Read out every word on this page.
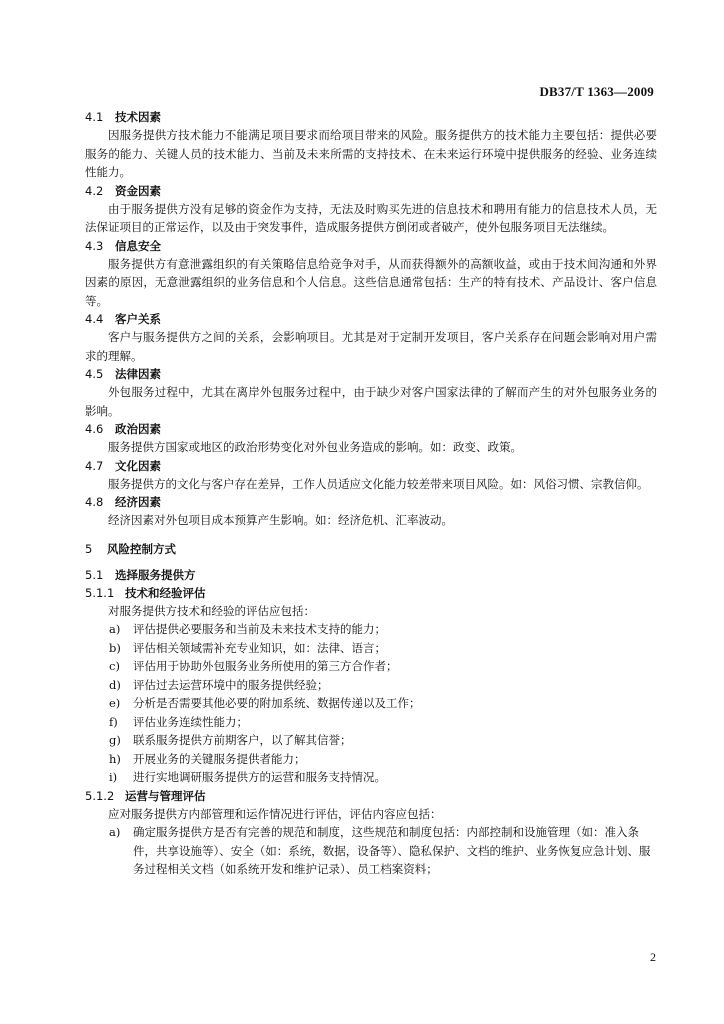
DB37/T 1363—2009
4.1 技术因素
因服务提供方技术能力不能满足项目要求而给项目带来的风险。服务提供方的技术能力主要包括：提供必要服务的能力、关键人员的技术能力、当前及未来所需的支持技术、在未来运行环境中提供服务的经验、业务连续性能力。
4.2 资金因素
由于服务提供方没有足够的资金作为支持，无法及时购买先进的信息技术和聘用有能力的信息技术人员，无法保证项目的正常运作，以及由于突发事件，造成服务提供方倒闭或者破产，使外包服务项目无法继续。
4.3 信息安全
服务提供方有意泄露组织的有关策略信息给竞争对手，从而获得额外的高额收益，或由于技术间沟通和外界因素的原因，无意泄露组织的业务信息和个人信息。这些信息通常包括：生产的特有技术、产品设计、客户信息等。
4.4 客户关系
客户与服务提供方之间的关系，会影响项目。尤其是对于定制开发项目，客户关系存在问题会影响对用户需求的理解。
4.5 法律因素
外包服务过程中，尤其在离岸外包服务过程中，由于缺少对客户国家法律的了解而产生的对外包服务业务的影响。
4.6 政治因素
服务提供方国家或地区的政治形势变化对外包业务造成的影响。如：政变、政策。
4.7 文化因素
服务提供方的文化与客户存在差异，工作人员适应文化能力较差带来项目风险。如：风俗习惯、宗教信仰。
4.8 经济因素
经济因素对外包项目成本预算产生影响。如：经济危机、汇率波动。
5 风险控制方式
5.1 选择服务提供方
5.1.1 技术和经验评估
对服务提供方技术和经验的评估应包括：
a) 评估提供必要服务和当前及未来技术支持的能力；
b) 评估相关领域需补充专业知识，如：法律、语言；
c) 评估用于协助外包服务业务所使用的第三方合作者；
d) 评估过去运营环境中的服务提供经验；
e) 分析是否需要其他必要的附加系统、数据传递以及工作；
f) 评估业务连续性能力；
g) 联系服务提供方前期客户，以了解其信誉；
h) 开展业务的关键服务提供者能力；
i) 进行实地调研服务提供方的运营和服务支持情况。
5.1.2 运营与管理评估
应对服务提供方内部管理和运作情况进行评估，评估内容应包括：
a) 确定服务提供方是否有完善的规范和制度，这些规范和制度包括：内部控制和设施管理（如：准入条件，共享设施等）、安全（如：系统，数据，设备等）、隐私保护、文档的维护、业务恢复应急计划、服务过程相关文档（如系统开发和维护记录）、员工档案资料；
2
